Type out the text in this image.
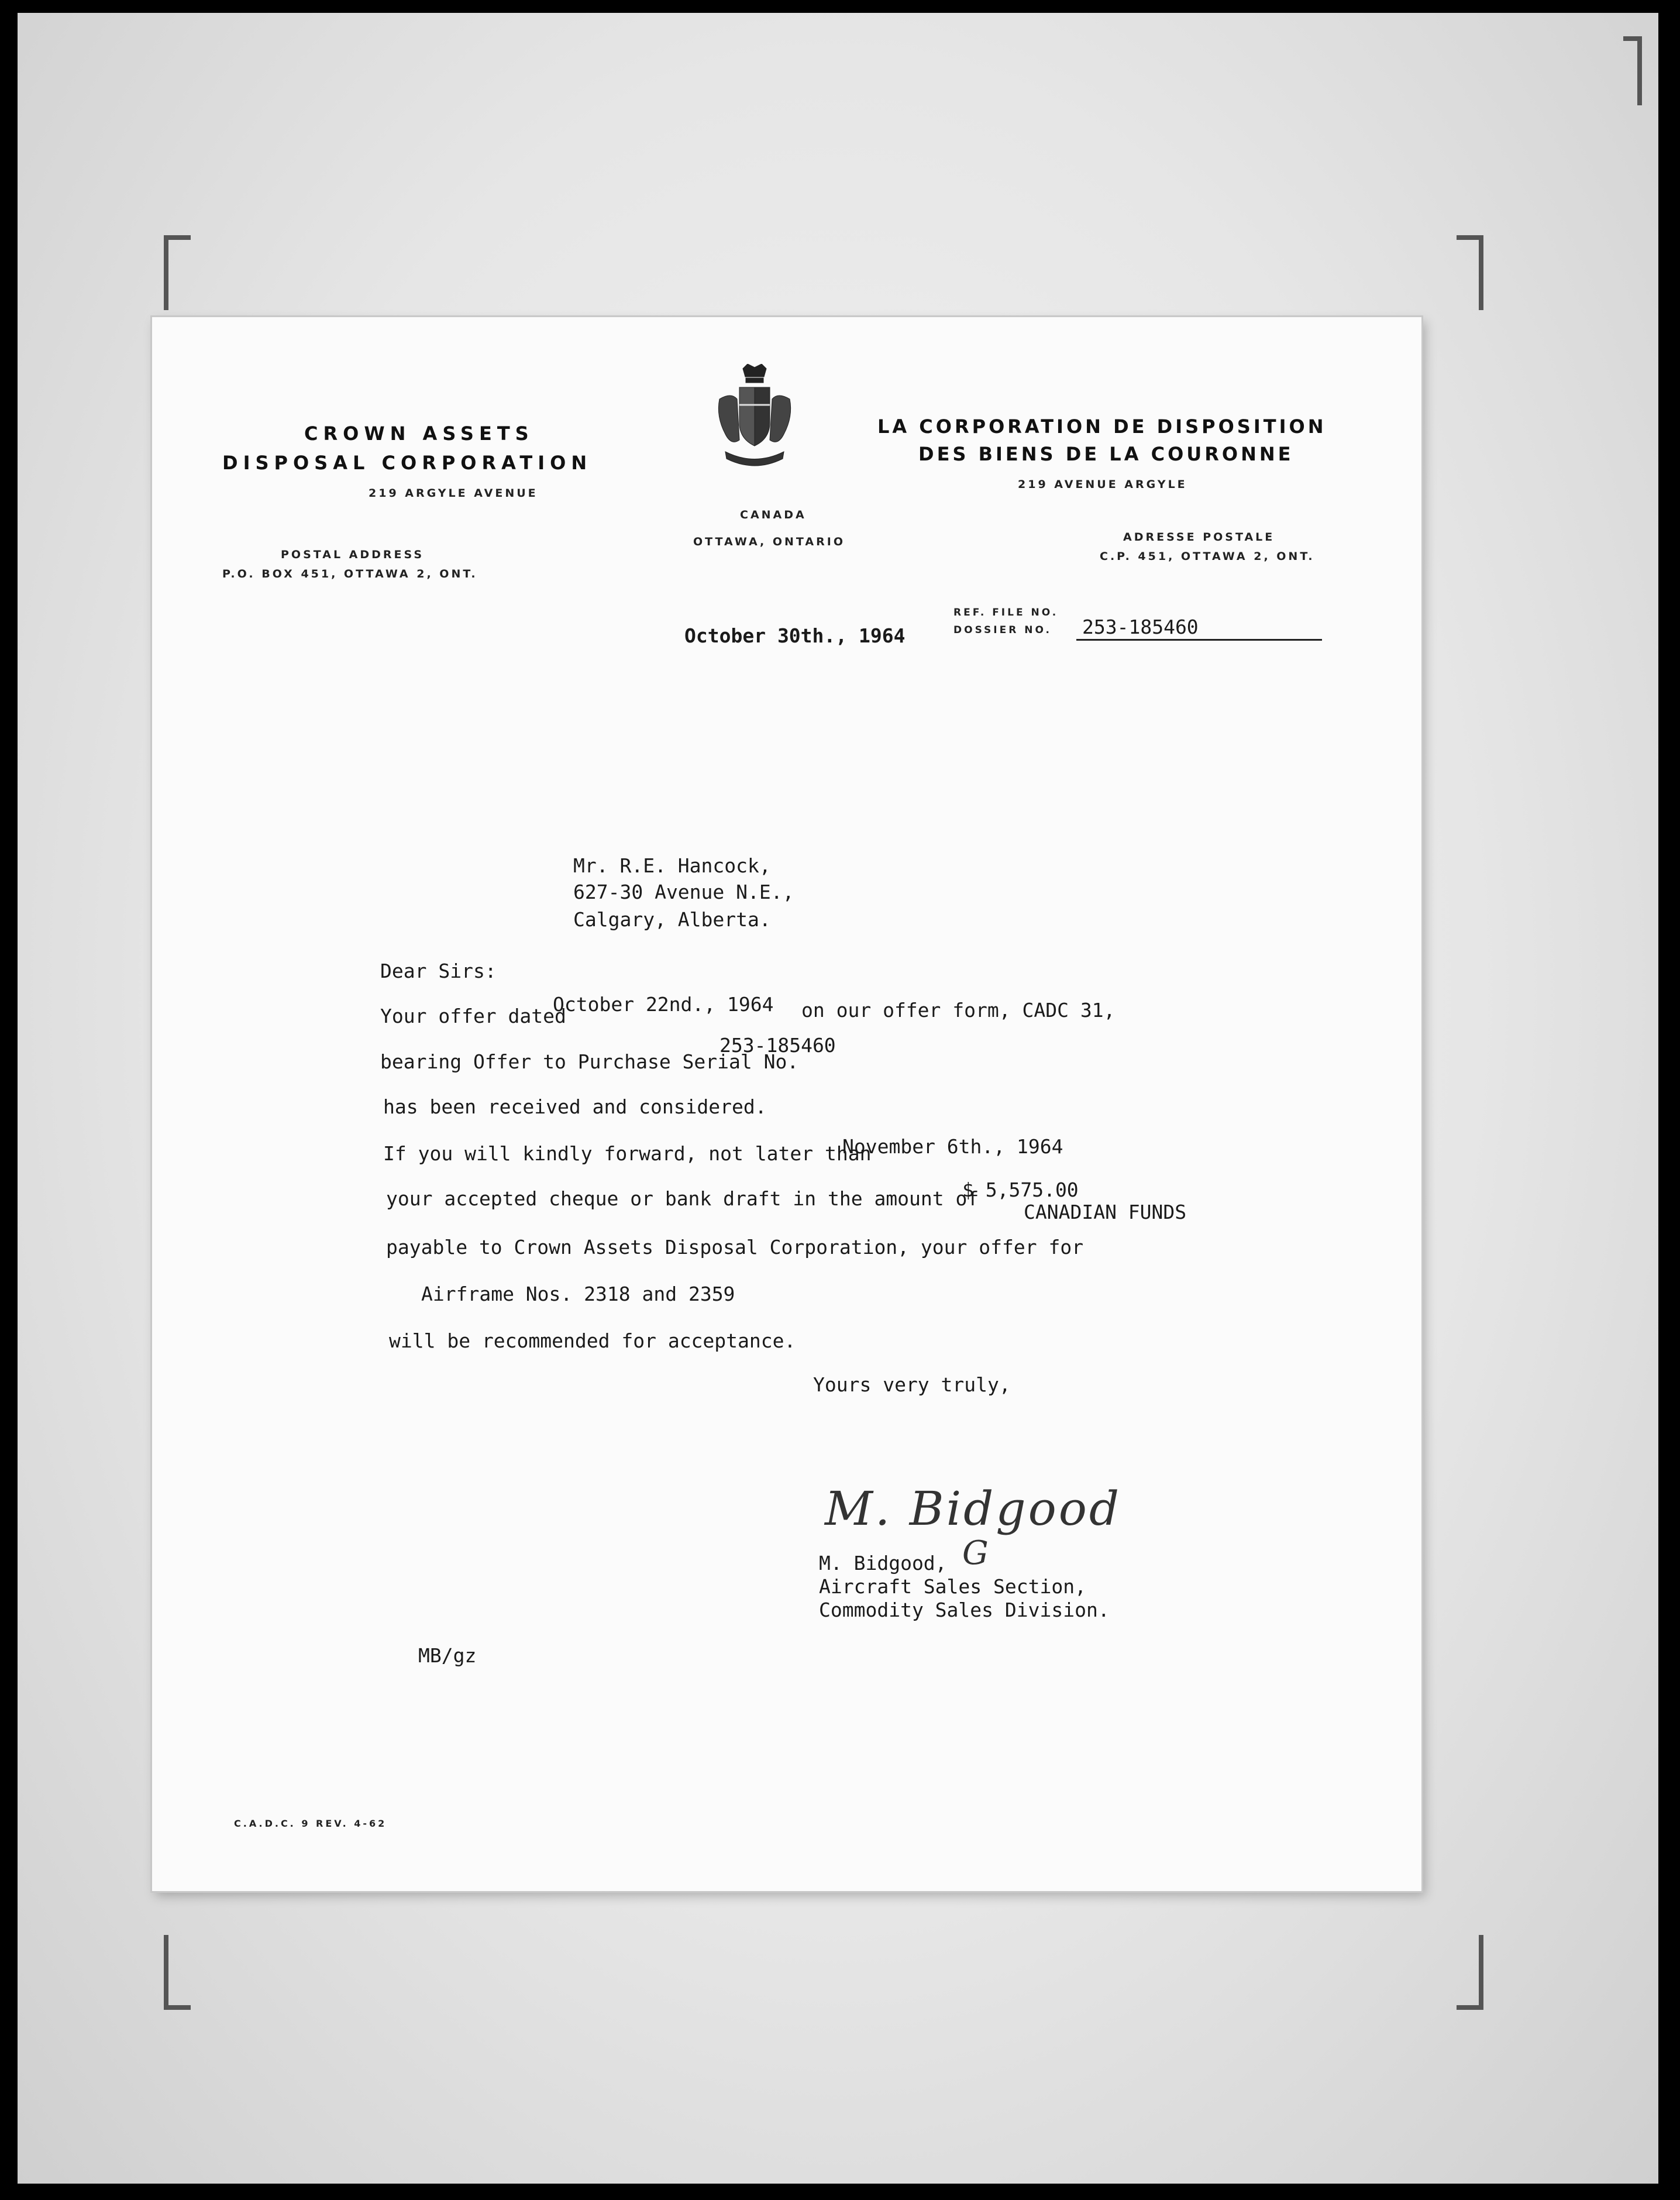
CROWN ASSETS
DISPOSAL CORPORATION
219 ARGYLE AVENUE
POSTAL ADDRESS
P.O. BOX 451, OTTAWA 2, ONT.
CANADA
OTTAWA, ONTARIO
LA CORPORATION DE DISPOSITION
DES BIENS DE LA COURONNE
219 AVENUE ARGYLE
ADRESSE POSTALE
C.P. 451, OTTAWA 2, ONT.
October 30th., 1964
REF. FILE NO.
DOSSIER NO. 253-185460
Mr. R.E. Hancock,
627-30 Avenue N.E.,
Calgary, Alberta.
Dear Sirs:
Your offer dated
October 22nd., 1964 on our offer form, CADC 31,
bearing Offer to Purchase Serial No.
253-185460
has been received and considered.
If you will kindly forward, not later than
November 6th., 1964
your accepted cheque or bank draft in the amount of
$ 5,575.00
CANADIAN FUNDS
payable to Crown Assets Disposal Corporation, your offer for
Airframe Nos. 2318 and 2359
will be recommended for acceptance.
Yours very truly,
M. Bidgood
M. Bidgood, G
Aircraft Sales Section,
Commodity Sales Division.
MB/gz
C.A.D.C. 9 REV. 4-62
